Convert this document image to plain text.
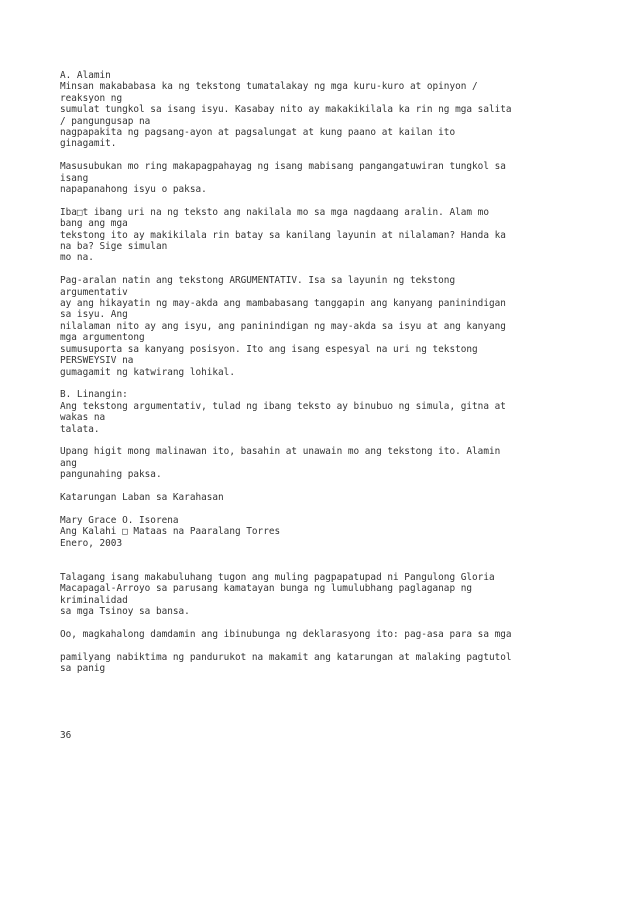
A. Alamin
Minsan makababasa ka ng tekstong tumatalakay ng mga kuru-kuro at opinyon /
reaksyon ng
sumulat tungkol sa isang isyu. Kasabay nito ay makakikilala ka rin ng mga salita
/ pangungusap na
nagpapakita ng pagsang-ayon at pagsalungat at kung paano at kailan ito
ginagamit.
Masusubukan mo ring makapagpahayag ng isang mabisang pangangatuwiran tungkol sa
isang
napapanahong isyu o paksa.
Iba□t ibang uri na ng teksto ang nakilala mo sa mga nagdaang aralin. Alam mo
bang ang mga
tekstong ito ay makikilala rin batay sa kanilang layunin at nilalaman? Handa ka
na ba? Sige simulan
mo na.
Pag-aralan natin ang tekstong ARGUMENTATIV. Isa sa layunin ng tekstong
argumentativ
ay ang hikayatin ng may-akda ang mambabasang tanggapin ang kanyang paninindigan
sa isyu. Ang
nilalaman nito ay ang isyu, ang paninindigan ng may-akda sa isyu at ang kanyang
mga argumentong
sumusuporta sa kanyang posisyon. Ito ang isang espesyal na uri ng tekstong
PERSWEYSIV na
gumagamit ng katwirang lohikal.
B. Linangin:
Ang tekstong argumentativ, tulad ng ibang teksto ay binubuo ng simula, gitna at
wakas na
talata.
Upang higit mong malinawan ito, basahin at unawain mo ang tekstong ito. Alamin
ang
pangunahing paksa.
Katarungan Laban sa Karahasan
Mary Grace O. Isorena
Ang Kalahi □ Mataas na Paaralang Torres
Enero, 2003
Talagang isang makabuluhang tugon ang muling pagpapatupad ni Pangulong Gloria
Macapagal-Arroyo sa parusang kamatayan bunga ng lumulubhang paglaganap ng
kriminalidad
sa mga Tsinoy sa bansa.
Oo, magkahalong damdamin ang ibinubunga ng deklarasyong ito: pag-asa para sa mga
pamilyang nabiktima ng pandurukot na makamit ang katarungan at malaking pagtutol
sa panig
36
